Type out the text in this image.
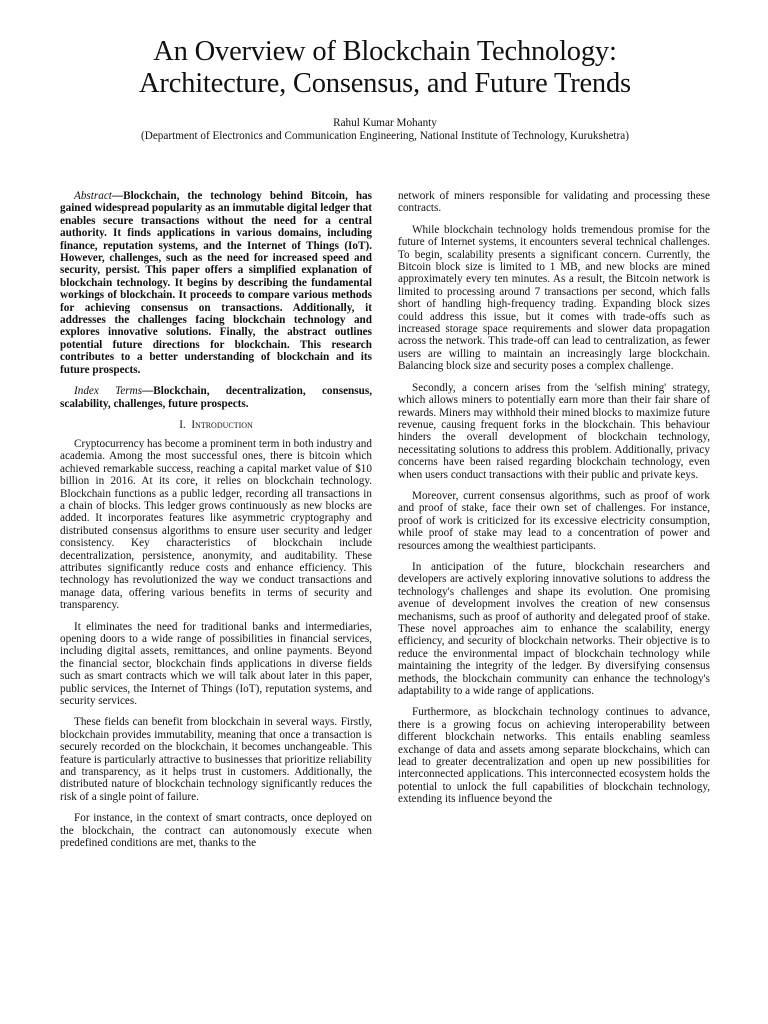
An Overview of Blockchain Technology:
Architecture, Consensus, and Future Trends
Rahul Kumar Mohanty
(Department of Electronics and Communication Engineering, National Institute of Technology, Kurukshetra)

Abstract—Blockchain, the technology behind Bitcoin, has gained widespread popularity as an immutable digital ledger that enables secure transactions without the need for a central authority. It finds applications in various domains, including finance, reputation systems, and the Internet of Things (IoT). However, challenges, such as the need for increased speed and security, persist. This paper offers a simplified explanation of blockchain technology. It begins by describing the fundamental workings of blockchain. It proceeds to compare various methods for achieving consensus on transactions. Additionally, it addresses the challenges facing blockchain technology and explores innovative solutions. Finally, the abstract outlines potential future directions for blockchain. This research contributes to a better understanding of blockchain and its future prospects.

Index Terms—Blockchain, decentralization, consensus, scalability, challenges, future prospects.

I. Introduction

Cryptocurrency has become a prominent term in both industry and academia. Among the most successful ones, there is bitcoin which achieved remarkable success, reaching a capital market value of $10 billion in 2016. At its core, it relies on blockchain technology. Blockchain functions as a public ledger, recording all transactions in a chain of blocks. This ledger grows continuously as new blocks are added. It incorporates features like asymmetric cryptography and distributed consensus algorithms to ensure user security and ledger consistency. Key characteristics of blockchain include decentralization, persistence, anonymity, and auditability. These attributes significantly reduce costs and enhance efficiency. This technology has revolutionized the way we conduct transactions and manage data, offering various benefits in terms of security and transparency.

It eliminates the need for traditional banks and intermediaries, opening doors to a wide range of possibilities in financial services, including digital assets, remittances, and online payments. Beyond the financial sector, blockchain finds applications in diverse fields such as smart contracts which we will talk about later in this paper, public services, the Internet of Things (IoT), reputation systems, and security services.

These fields can benefit from blockchain in several ways. Firstly, blockchain provides immutability, meaning that once a transaction is securely recorded on the blockchain, it becomes unchangeable. This feature is particularly attractive to businesses that prioritize reliability and transparency, as it helps trust in customers. Additionally, the distributed nature of blockchain technology significantly reduces the risk of a single point of failure.

For instance, in the context of smart contracts, once deployed on the blockchain, the contract can autonomously execute when predefined conditions are met, thanks to the

network of miners responsible for validating and processing these contracts.

While blockchain technology holds tremendous promise for the future of Internet systems, it encounters several technical challenges. To begin, scalability presents a significant concern. Currently, the Bitcoin block size is limited to 1 MB, and new blocks are mined approximately every ten minutes. As a result, the Bitcoin network is limited to processing around 7 transactions per second, which falls short of handling high-frequency trading. Expanding block sizes could address this issue, but it comes with trade-offs such as increased storage space requirements and slower data propagation across the network. This trade-off can lead to centralization, as fewer users are willing to maintain an increasingly large blockchain. Balancing block size and security poses a complex challenge.

Secondly, a concern arises from the 'selfish mining' strategy, which allows miners to potentially earn more than their fair share of rewards. Miners may withhold their mined blocks to maximize future revenue, causing frequent forks in the blockchain. This behaviour hinders the overall development of blockchain technology, necessitating solutions to address this problem. Additionally, privacy concerns have been raised regarding blockchain technology, even when users conduct transactions with their public and private keys.

Moreover, current consensus algorithms, such as proof of work and proof of stake, face their own set of challenges. For instance, proof of work is criticized for its excessive electricity consumption, while proof of stake may lead to a concentration of power and resources among the wealthiest participants.

In anticipation of the future, blockchain researchers and developers are actively exploring innovative solutions to address the technology's challenges and shape its evolution. One promising avenue of development involves the creation of new consensus mechanisms, such as proof of authority and delegated proof of stake. These novel approaches aim to enhance the scalability, energy efficiency, and security of blockchain networks. Their objective is to reduce the environmental impact of blockchain technology while maintaining the integrity of the ledger. By diversifying consensus methods, the blockchain community can enhance the technology's adaptability to a wide range of applications.

Furthermore, as blockchain technology continues to advance, there is a growing focus on achieving interoperability between different blockchain networks. This entails enabling seamless exchange of data and assets among separate blockchains, which can lead to greater decentralization and open up new possibilities for interconnected applications. This interconnected ecosystem holds the potential to unlock the full capabilities of blockchain technology, extending its influence beyond the
